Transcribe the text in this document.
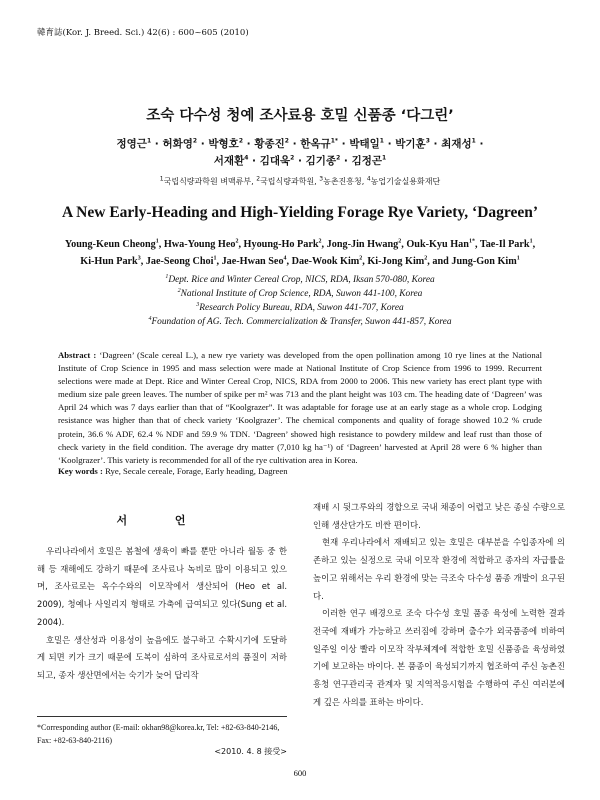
韓育誌(Kor. J. Breed. Sci.) 42(6) : 600~605 (2010)
조숙 다수성 청예 조사료용 호밀 신품종 ‘다그린’
정영근$^1$ · 허화영$^2$ · 박형호$^2$ · 황종진$^2$ · 한옥규$^{1*}$ · 박태일$^1$ · 박기훈$^3$ · 최재성$^1$ ·
서재환$^4$ · 김대욱$^2$ · 김기종$^2$ · 김정곤$^1$
$^1$국립식량과학원 벼맥류부, $^2$국립식량과학원, $^3$농촌진흥청, $^4$농업기술실용화재단
A New Early-Heading and High-Yielding Forage Rye Variety, ‘Dagreen’
Young-Keun Cheong$^1$, Hwa-Young Heo$^2$, Hyoung-Ho Park$^2$, Jong-Jin Hwang$^2$, Ouk-Kyu Han$^{1*}$, Tae-Il Park$^1$,
Ki-Hun Park$^3$, Jae-Seong Choi$^1$, Jae-Hwan Seo$^4$, Dae-Wook Kim$^2$, Ki-Jong Kim$^2$, and Jung-Gon Kim$^1$
$^1$Dept. Rice and Winter Cereal Crop, NICS, RDA, Iksan 570-080, Korea
$^2$National Institute of Crop Science, RDA, Suwon 441-100, Korea
$^3$Research Policy Bureau, RDA, Suwon 441-707, Korea
$^4$Foundation of AG. Tech. Commercialization & Transfer, Suwon 441-857, Korea
Abstract : ‘Dagreen’ (Scale cereal L.), a new rye variety was developed from the open pollination among 10 rye lines at the National Institute of Crop Science in 1995 and mass selection were made at National Institute of Crop Science from 1996 to 1999. Recurrent selections were made at Dept. Rice and Winter Cereal Crop, NICS, RDA from 2000 to 2006. This new variety has erect plant type with medium size pale green leaves. The number of spike per m² was 713 and the plant height was 103 cm. The heading date of ‘Dagreen’ was April 24 which was 7 days earlier than that of “Koolgrazer”. It was adaptable for forage use at an early stage as a whole crop. Lodging resistance was higher than that of check variety ‘Koolgrazer’. The chemical components and quality of forage showed 10.2 % crude protein, 36.6 % ADF, 62.4 % NDF and 59.9 % TDN. ‘Dagreen’ showed high resistance to powdery mildew and leaf rust than those of check variety in the field condition. The average dry matter (7,010 kg ha⁻¹) of ‘Dagreen’ harvested at April 28 were 6 % higher than ‘Koolgrazer’. This variety is recommended for all of the rye cultivation area in Korea.
Key words : Rye, Secale cereale, Forage, Early heading, Dagreen
서 언

우리나라에서 호밀은 봄철에 생육이 빠를 뿐만 아니라 월동 중 한해 등 재해에도 강하기 때문에 조사료나 녹비로 많이 이용되고 있으며, 조사료로는 옥수수와의 이모작에서 생산되어 (Heo et al. 2009), 청예나 사일리지 형태로 가축에 급여되고 있다(Sung et al. 2004).

호밀은 생산성과 이용성이 높음에도 불구하고 수확시기에 도달하게 되면 키가 크기 때문에 도복이 심하여 조사료로서의 품질이 저하되고, 종자 생산면에서는 숙기가 늦어 답리작

재배 시 뒷그루와의 경합으로 국내 채종이 어렵고 낮은 종실 수량으로 인해 생산단가도 비싼 편이다.

현재 우리나라에서 재배되고 있는 호밀은 대부분을 수입종자에 의존하고 있는 실정으로 국내 이모작 환경에 적합하고 종자의 자급률을 높이고 위해서는 우리 환경에 맞는 극조숙 다수성 품종 개발이 요구된다.

이러한 연구 배경으로 조숙 다수성 호밀 품종 육성에 노력한 결과 전국에 재배가 가능하고 쓰러짐에 강하며 출수가 외국품종에 비하여 일주일 이상 빨라 이모작 작부체계에 적합한 호밀 신품종을 육성하였기에 보고하는 바이다. 본 품종이 육성되기까지 협조하여 주신 농촌진흥청 연구관리국 관계자 및 지역적응시험을 수행하여 주신 여러분에게 깊은 사의를 표하는 바이다.

*Corresponding author (E-mail: okhan98@korea.kr, Tel: +82-63-840-2146, Fax: +82-63-840-2116)
<2010. 4. 8 接受>
600
